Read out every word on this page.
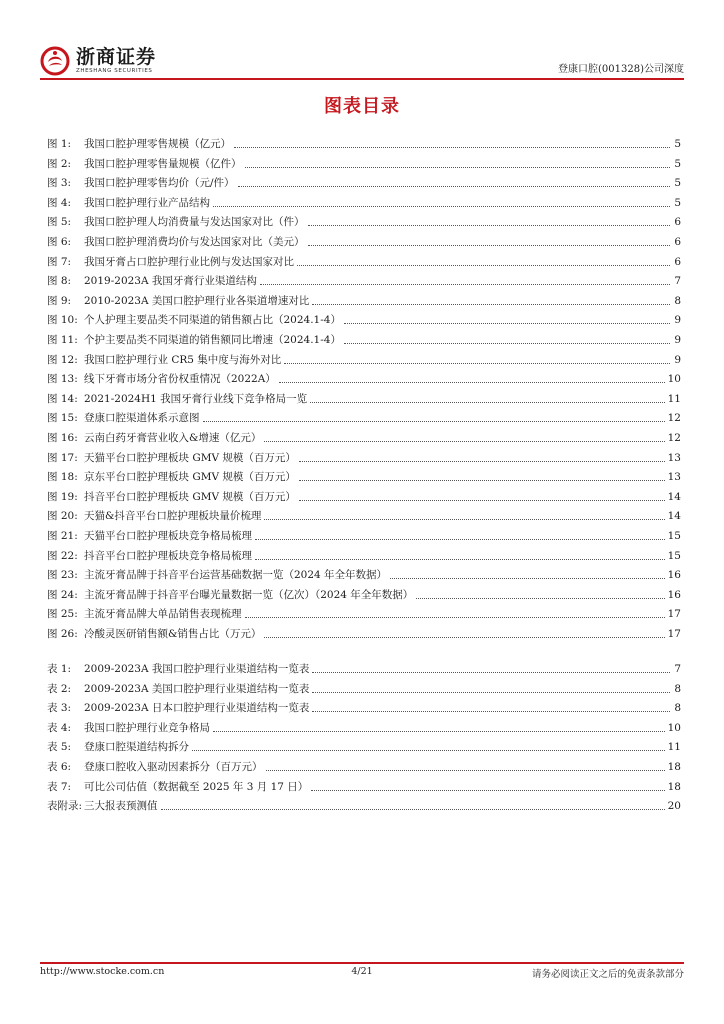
浙商证券
ZHESHANG SECURITIES	登康口腔(001328)公司深度
图表目录
图 1: 我国口腔护理零售规模（亿元）	5
图 2: 我国口腔护理零售量规模（亿件）	5
图 3: 我国口腔护理零售均价（元/件）	5
图 4: 我国口腔护理行业产品结构	5
图 5: 我国口腔护理人均消费量与发达国家对比（件）	6
图 6: 我国口腔护理消费均价与发达国家对比（美元）	6
图 7: 我国牙膏占口腔护理行业比例与发达国家对比	6
图 8: 2019-2023A 我国牙膏行业渠道结构	7
图 9: 2010-2023A 美国口腔护理行业各渠道增速对比	8
图 10: 个人护理主要品类不同渠道的销售额占比（2024.1-4）	9
图 11: 个护主要品类不同渠道的销售额同比增速（2024.1-4）	9
图 12: 我国口腔护理行业 CR5 集中度与海外对比	9
图 13: 线下牙膏市场分省份权重情况（2022A）	10
图 14: 2021-2024H1 我国牙膏行业线下竞争格局一览	11
图 15: 登康口腔渠道体系示意图	12
图 16: 云南白药牙膏营业收入&增速（亿元）	12
图 17: 天猫平台口腔护理板块 GMV 规模（百万元）	13
图 18: 京东平台口腔护理板块 GMV 规模（百万元）	13
图 19: 抖音平台口腔护理板块 GMV 规模（百万元）	14
图 20: 天猫&抖音平台口腔护理板块量价梳理	14
图 21: 天猫平台口腔护理板块竞争格局梳理	15
图 22: 抖音平台口腔护理板块竞争格局梳理	15
图 23: 主流牙膏品牌于抖音平台运营基础数据一览（2024 年全年数据）	16
图 24: 主流牙膏品牌于抖音平台曝光量数据一览（亿次）（2024 年全年数据）	16
图 25: 主流牙膏品牌大单品销售表现梳理	17
图 26: 冷酸灵医研销售额&销售占比（万元）	17
表 1: 2009-2023A 我国口腔护理行业渠道结构一览表	7
表 2: 2009-2023A 美国口腔护理行业渠道结构一览表	8
表 3: 2009-2023A 日本口腔护理行业渠道结构一览表	8
表 4: 我国口腔护理行业竞争格局	10
表 5: 登康口腔渠道结构拆分	11
表 6: 登康口腔收入驱动因素拆分（百万元）	18
表 7: 可比公司估值（数据截至 2025 年 3 月 17 日）	18
表附录: 三大报表预测值	20
http://www.stocke.com.cn	4/21	请务必阅读正文之后的免责条款部分
